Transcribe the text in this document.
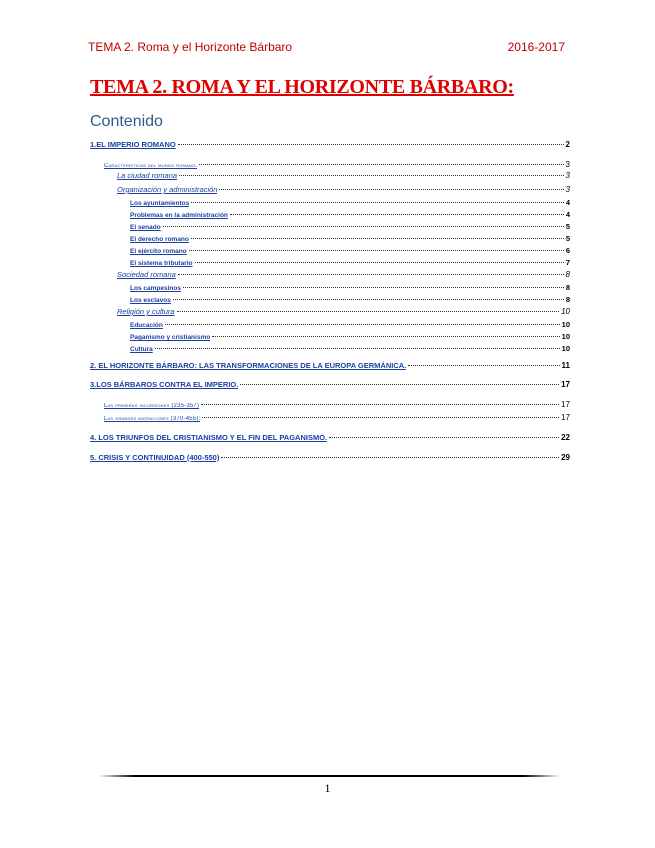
TEMA 2. Roma y el Horizonte Bárbaro	2016-2017
TEMA 2. ROMA Y EL HORIZONTE BÁRBARO:
Contenido
1.EL IMPERIO ROMANO	2
Características del mundo romano.	3
La ciudad romana	3
Organización y administración	3
Los ayuntamientos	4
Problemas en la administración	4
El senado	5
El derecho romano	5
El ejército romano	6
El sistema tributario	7
Sociedad romana	8
Los campesinos	8
Los esclavos	8
Religión y cultura	10
Educación	10
Paganismo y cristianismo	10
Cultura	10
2. EL HORIZONTE BÁRBARO: LAS TRANSFORMACIONES DE LA EUROPA GERMÁNICA.	11
3.LOS BÁRBAROS CONTRA EL IMPERIO.	17
Las primeras incursiones (235-357)	17
Las grandes migraciones (370-455):	17
4. LOS TRIUNFOS DEL CRISTIANISMO Y EL FIN DEL PAGANISMO.	22
5. CRISIS Y CONTINUIDAD (400-550)	29
1
